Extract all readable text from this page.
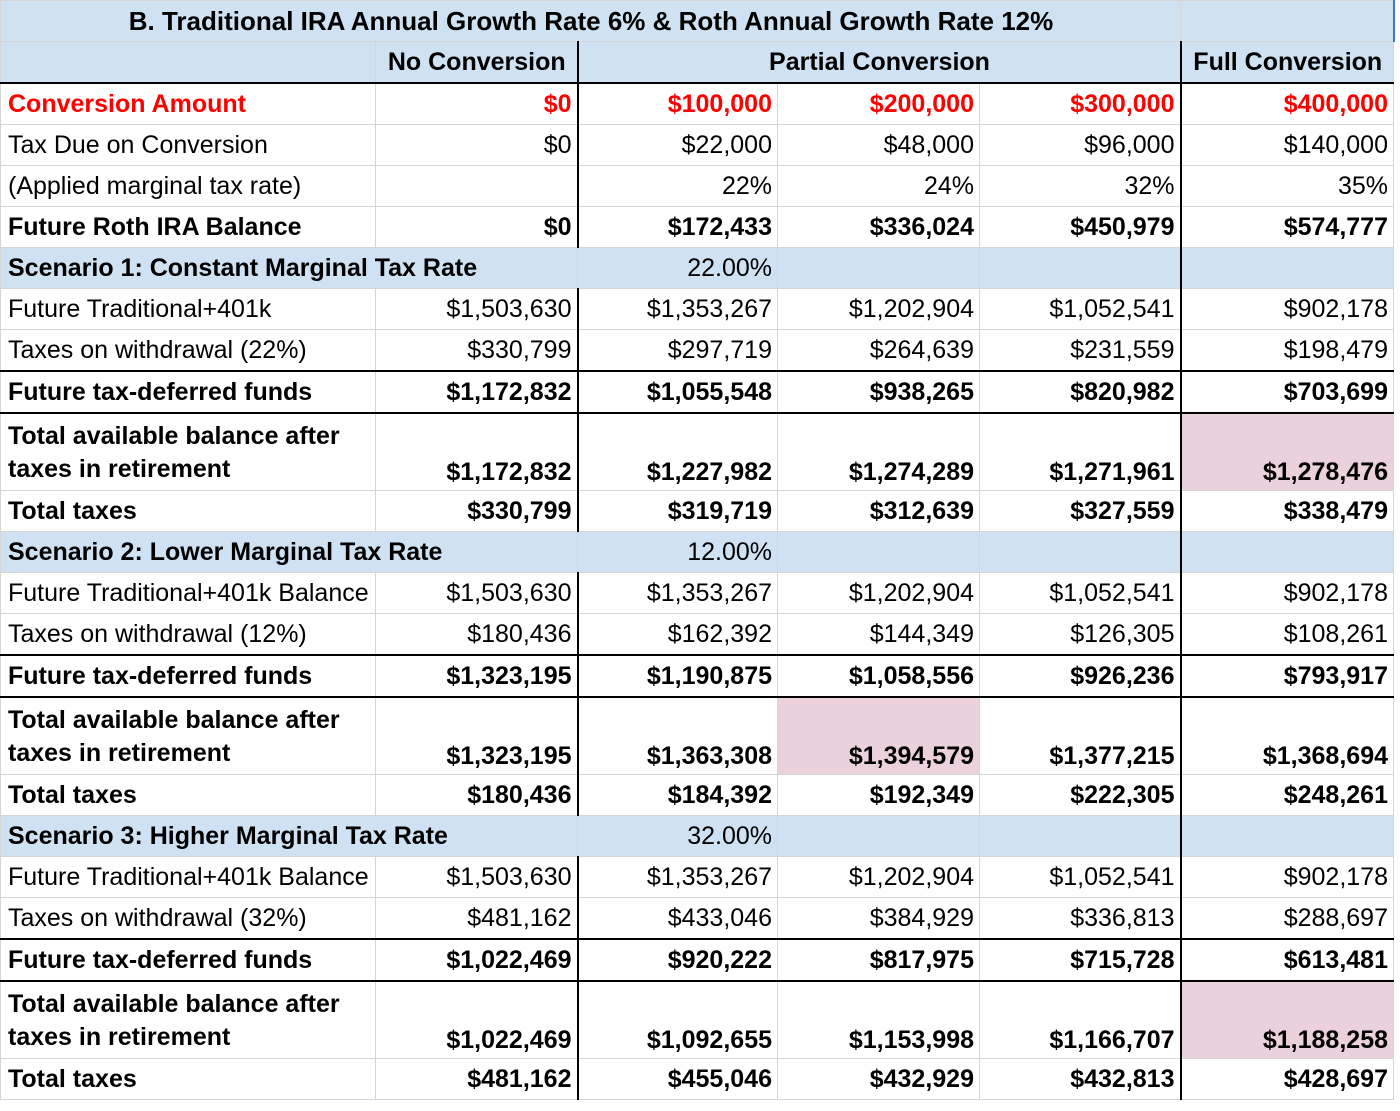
B. Traditional IRA Annual Growth Rate 6% & Roth Annual Growth Rate 12%					
	No Conversion	Partial Conversion			Full Conversion
Conversion Amount	$0	$100,000	$200,000	$300,000	$400,000
Tax Due on Conversion	$0	$22,000	$48,000	$96,000	$140,000
(Applied marginal tax rate)		22%	24%	32%	35%
Future Roth IRA Balance	$0	$172,433	$336,024	$450,979	$574,777
Scenario 1: Constant Marginal Tax Rate		22.00%			
Future Traditional+401k	$1,503,630	$1,353,267	$1,202,904	$1,052,541	$902,178
Taxes on withdrawal (22%)	$330,799	$297,719	$264,639	$231,559	$198,479
Future tax-deferred funds	$1,172,832	$1,055,548	$938,265	$820,982	$703,699
Total available balance after taxes in retirement	$1,172,832	$1,227,982	$1,274,289	$1,271,961	$1,278,476
Total taxes	$330,799	$319,719	$312,639	$327,559	$338,479
Scenario 2: Lower Marginal Tax Rate		12.00%			
Future Traditional+401k Balance	$1,503,630	$1,353,267	$1,202,904	$1,052,541	$902,178
Taxes on withdrawal (12%)	$180,436	$162,392	$144,349	$126,305	$108,261
Future tax-deferred funds	$1,323,195	$1,190,875	$1,058,556	$926,236	$793,917
Total available balance after taxes in retirement	$1,323,195	$1,363,308	$1,394,579	$1,377,215	$1,368,694
Total taxes	$180,436	$184,392	$192,349	$222,305	$248,261
Scenario 3: Higher Marginal Tax Rate		32.00%			
Future Traditional+401k Balance	$1,503,630	$1,353,267	$1,202,904	$1,052,541	$902,178
Taxes on withdrawal (32%)	$481,162	$433,046	$384,929	$336,813	$288,697
Future tax-deferred funds	$1,022,469	$920,222	$817,975	$715,728	$613,481
Total available balance after taxes in retirement	$1,022,469	$1,092,655	$1,153,998	$1,166,707	$1,188,258
Total taxes	$481,162	$455,046	$432,929	$432,813	$428,697
